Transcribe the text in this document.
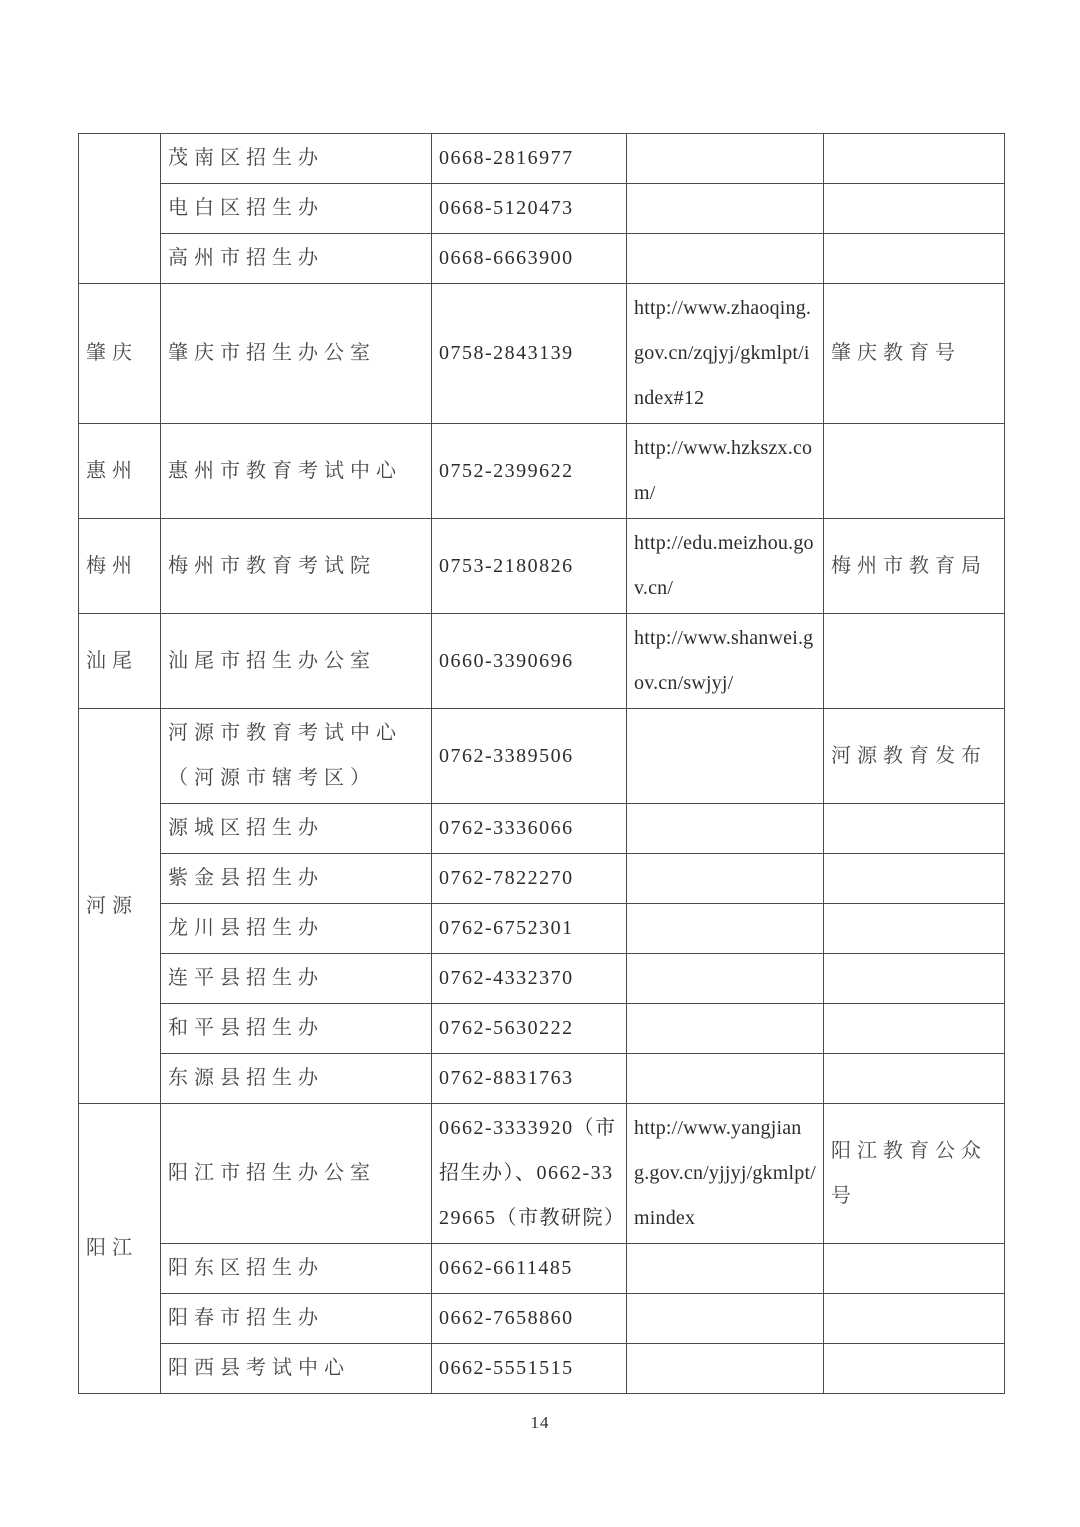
	茂南区招生办	0668-2816977		
	电白区招生办	0668-5120473		
	高州市招生办	0668-6663900		
肇庆	肇庆市招生办公室	0758-2843139	http://www.zhaoqing.gov.cn/zqjyj/gkmlpt/index#12	肇庆教育号
惠州	惠州市教育考试中心	0752-2399622	http://www.hzkszx.com/	
梅州	梅州市教育考试院	0753-2180826	http://edu.meizhou.gov.cn/	梅州市教育局
汕尾	汕尾市招生办公室	0660-3390696	http://www.shanwei.gov.cn/swjyj/	
河源	河源市教育考试中心（河源市辖考区）	0762-3389506		河源教育发布
	源城区招生办	0762-3336066		
	紫金县招生办	0762-7822270		
	龙川县招生办	0762-6752301		
	连平县招生办	0762-4332370		
	和平县招生办	0762-5630222		
	东源县招生办	0762-8831763		
阳江	阳江市招生办公室	0662-3333920（市招生办）、0662-3329665（市教研院）	http://www.yangjiang.gov.cn/yjjyj/gkmlpt/mindex	阳江教育公众号
	阳东区招生办	0662-6611485		
	阳春市招生办	0662-7658860		
	阳西县考试中心	0662-5551515		
14
